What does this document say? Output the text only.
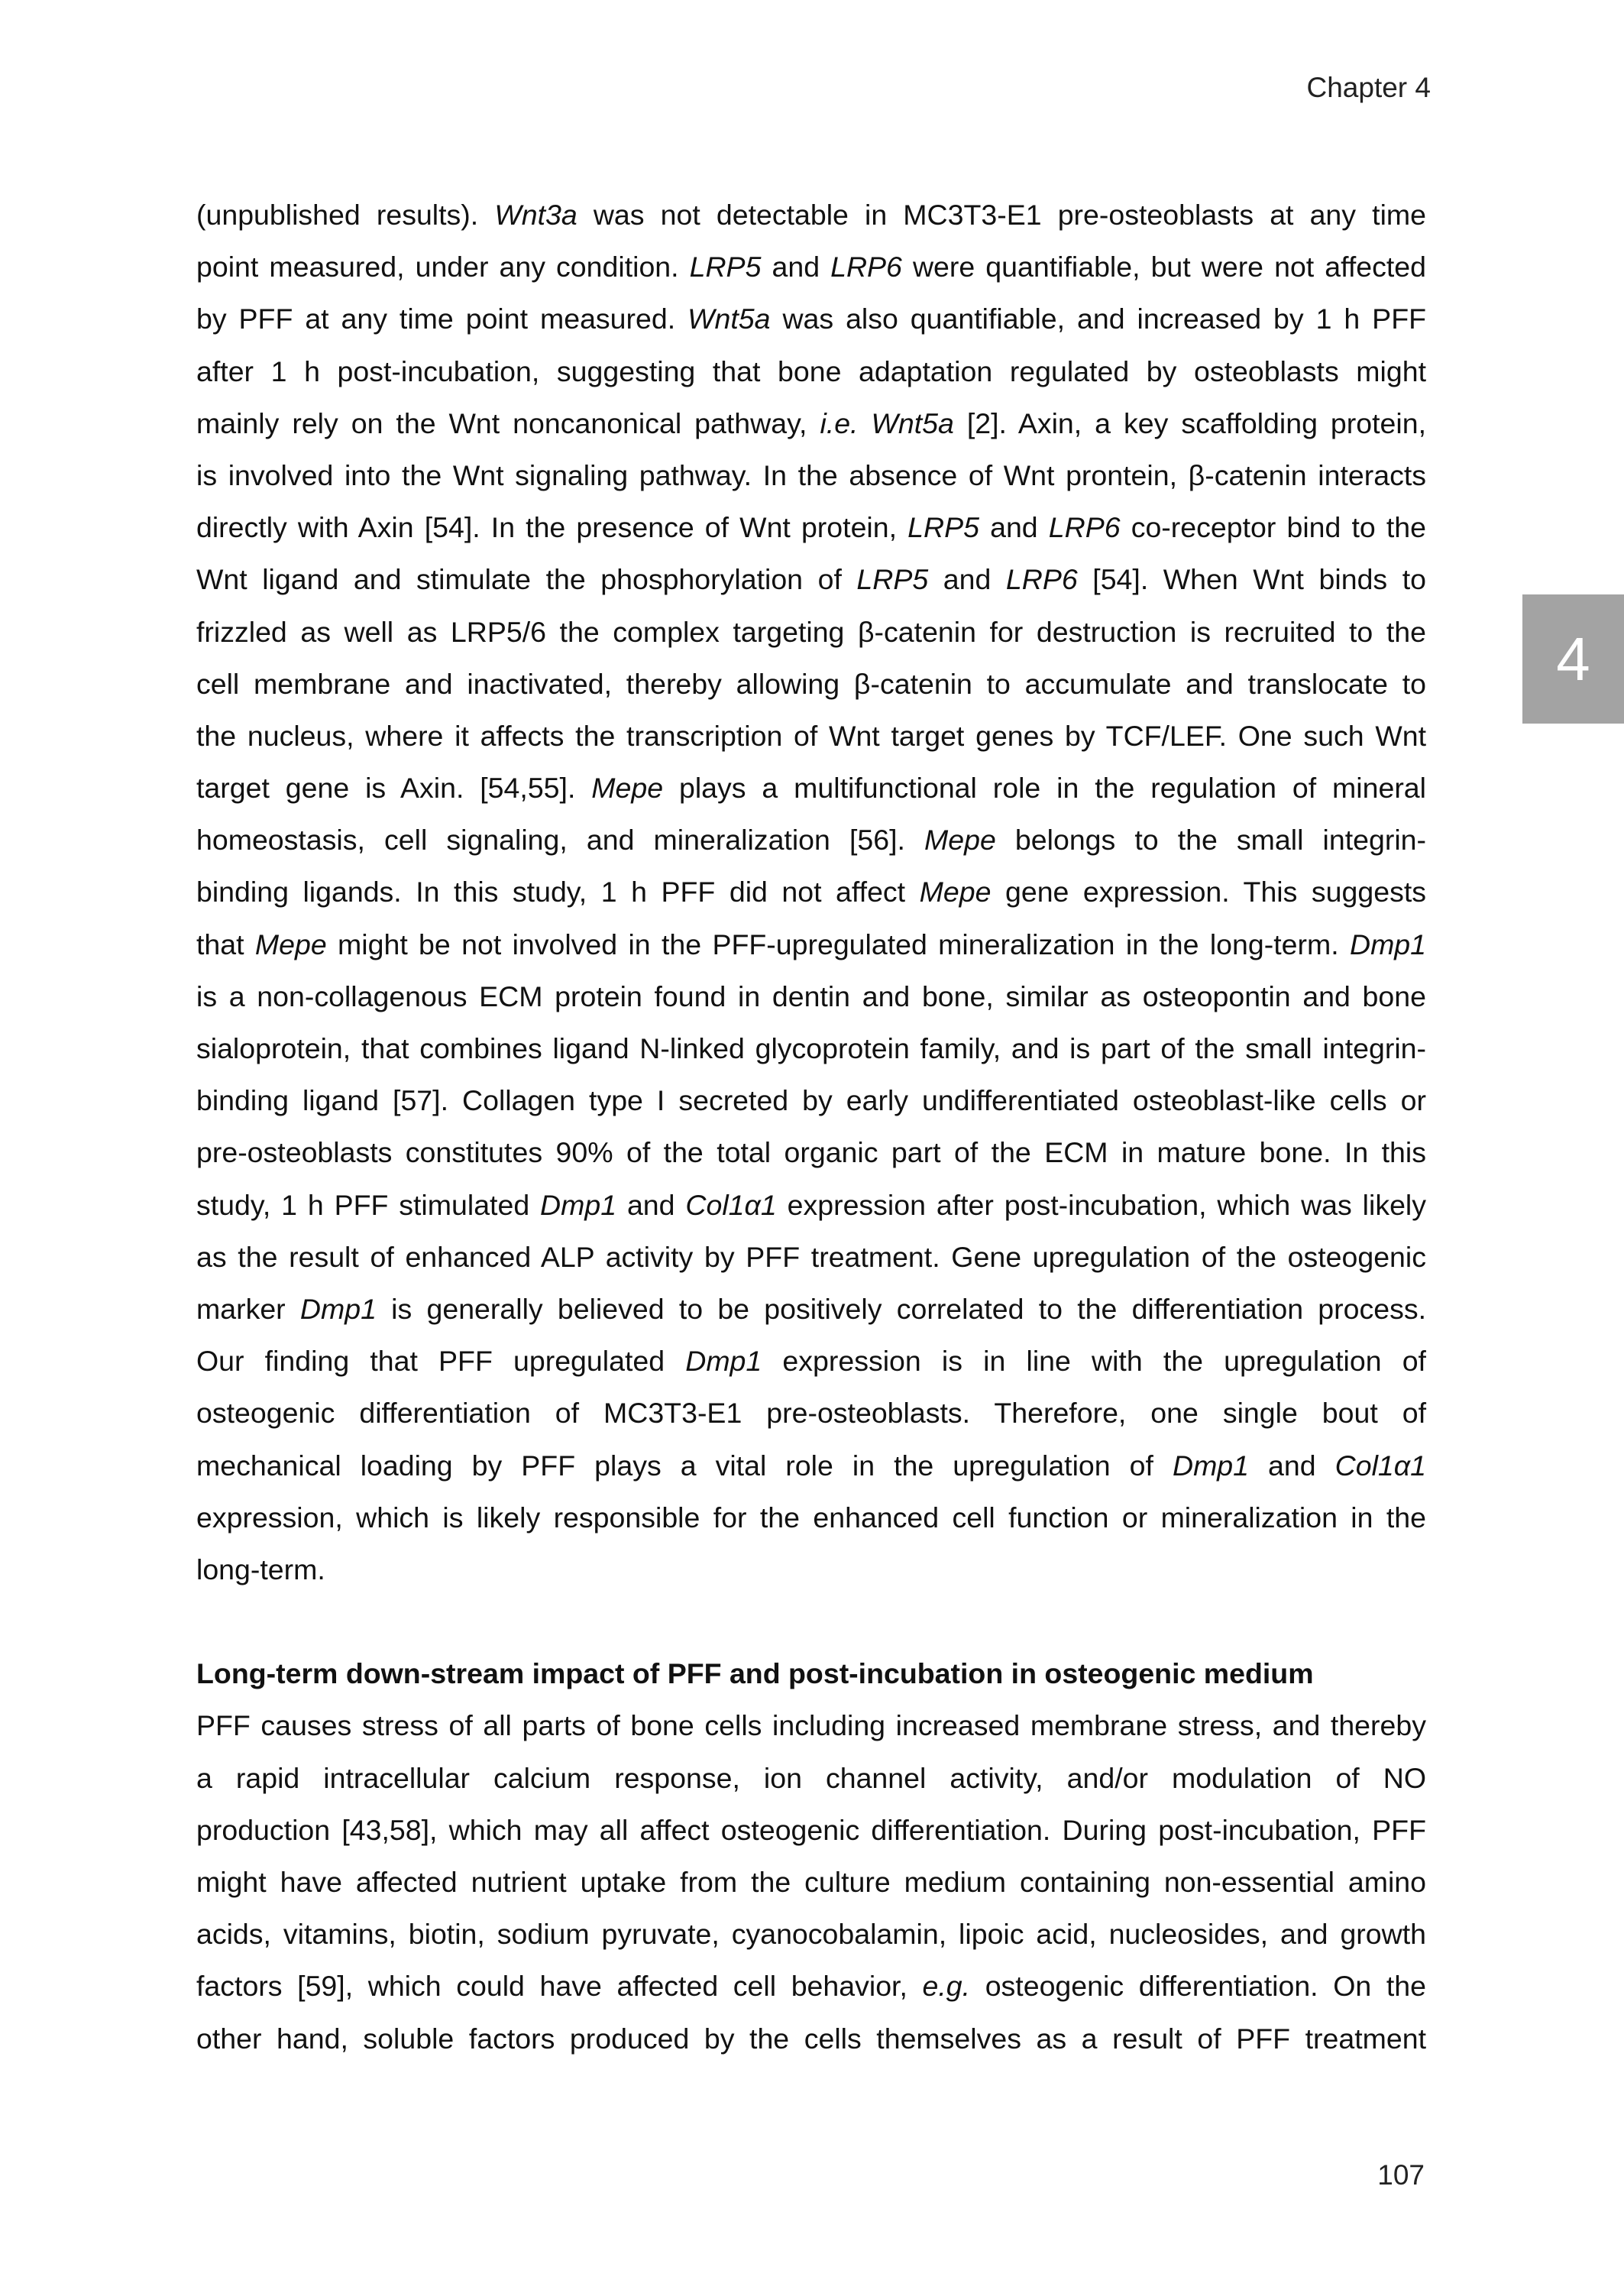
Chapter 4
4
(unpublished results). Wnt3a was not detectable in MC3T3-E1 pre-osteoblasts at any time
point measured, under any condition. LRP5 and LRP6 were quantifiable, but were not affected
by PFF at any time point measured. Wnt5a was also quantifiable, and increased by 1 h PFF
after 1 h post-incubation, suggesting that bone adaptation regulated by osteoblasts might
mainly rely on the Wnt noncanonical pathway, i.e. Wnt5a [2]. Axin, a key scaffolding protein,
is involved into the Wnt signaling pathway. In the absence of Wnt prontein, β-catenin interacts
directly with Axin [54]. In the presence of Wnt protein, LRP5 and LRP6 co-receptor bind to the
Wnt ligand and stimulate the phosphorylation of LRP5 and LRP6 [54]. When Wnt binds to
frizzled as well as LRP5/6 the complex targeting β-catenin for destruction is recruited to the
cell membrane and inactivated, thereby allowing β-catenin to accumulate and translocate to
the nucleus, where it affects the transcription of Wnt target genes by TCF/LEF. One such Wnt
target gene is Axin. [54,55]. Mepe plays a multifunctional role in the regulation of mineral
homeostasis, cell signaling, and mineralization [56]. Mepe belongs to the small integrin-
binding ligands. In this study, 1 h PFF did not affect Mepe gene expression. This suggests
that Mepe might be not involved in the PFF-upregulated mineralization in the long-term. Dmp1
is a non-collagenous ECM protein found in dentin and bone, similar as osteopontin and bone
sialoprotein, that combines ligand N-linked glycoprotein family, and is part of the small integrin-
binding ligand [57]. Collagen type I secreted by early undifferentiated osteoblast-like cells or
pre-osteoblasts constitutes 90% of the total organic part of the ECM in mature bone. In this
study, 1 h PFF stimulated Dmp1 and Col1α1 expression after post-incubation, which was likely
as the result of enhanced ALP activity by PFF treatment. Gene upregulation of the osteogenic
marker Dmp1 is generally believed to be positively correlated to the differentiation process.
Our finding that PFF upregulated Dmp1 expression is in line with the upregulation of
osteogenic differentiation of MC3T3-E1 pre-osteoblasts. Therefore, one single bout of
mechanical loading by PFF plays a vital role in the upregulation of Dmp1 and Col1α1
expression, which is likely responsible for the enhanced cell function or mineralization in the
long-term.
Long-term down-stream impact of PFF and post-incubation in osteogenic medium
PFF causes stress of all parts of bone cells including increased membrane stress, and thereby
a rapid intracellular calcium response, ion channel activity, and/or modulation of NO
production [43,58], which may all affect osteogenic differentiation. During post-incubation, PFF
might have affected nutrient uptake from the culture medium containing non-essential amino
acids, vitamins, biotin, sodium pyruvate, cyanocobalamin, lipoic acid, nucleosides, and growth
factors [59], which could have affected cell behavior, e.g. osteogenic differentiation. On the
other hand, soluble factors produced by the cells themselves as a result of PFF treatment
107
